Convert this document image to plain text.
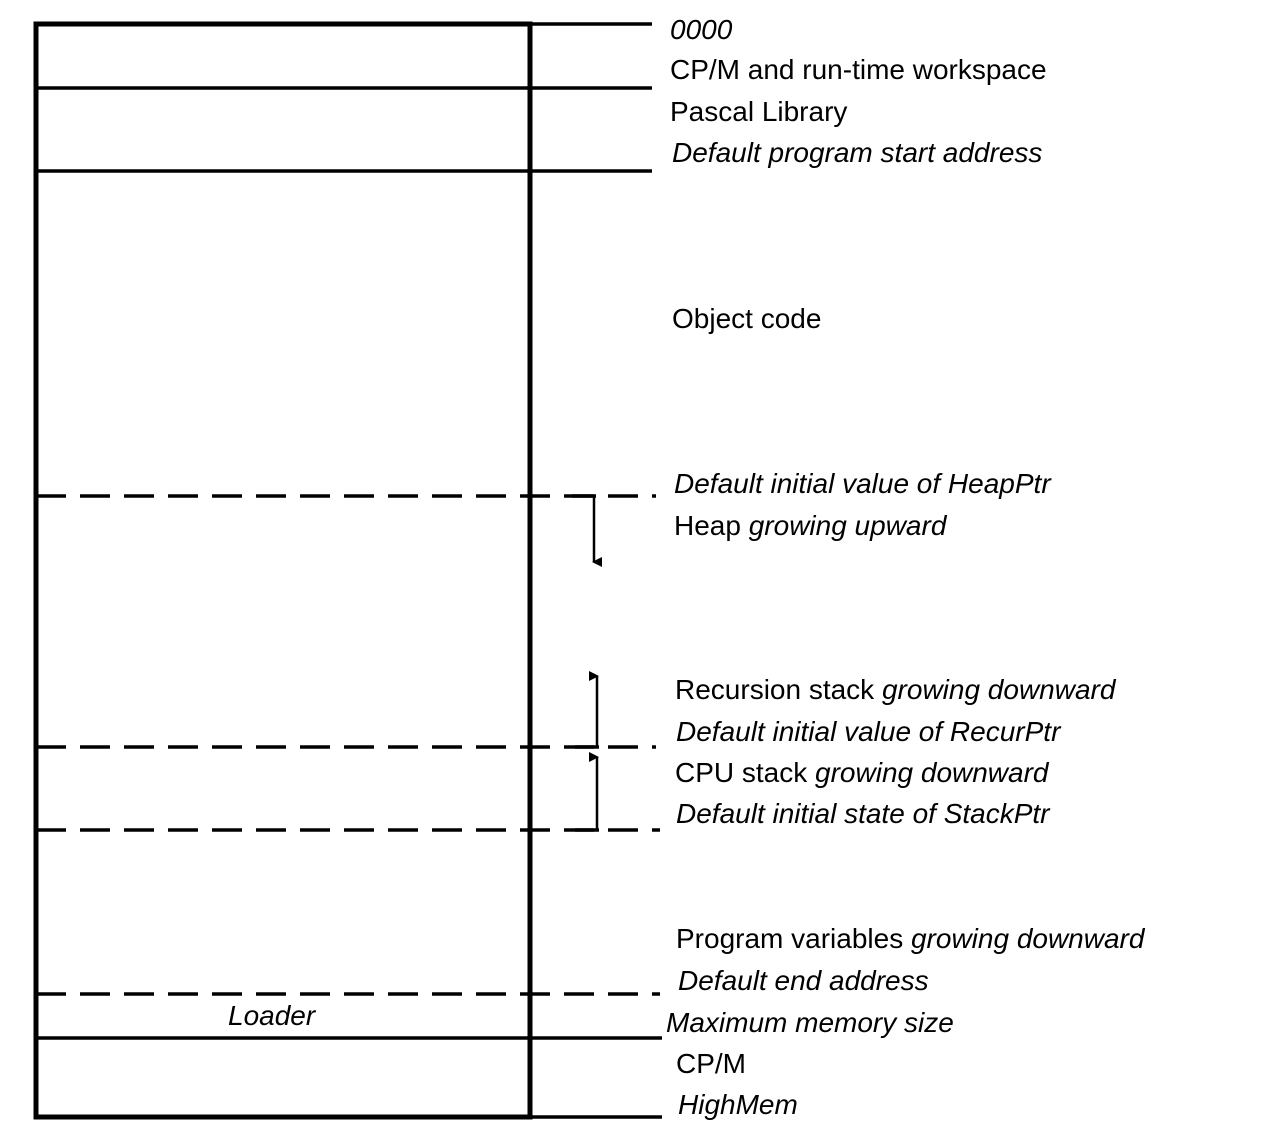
0000
CP/M and run-time workspace
Pascal Library
Default program start address
Object code
Default initial value of HeapPtr
Heap growing upward
Recursion stack growing downward
Default initial value of RecurPtr
CPU stack growing downward
Default initial state of StackPtr
Program variables growing downward
Default end address
Maximum memory size
CP/M
HighMem
Loader
